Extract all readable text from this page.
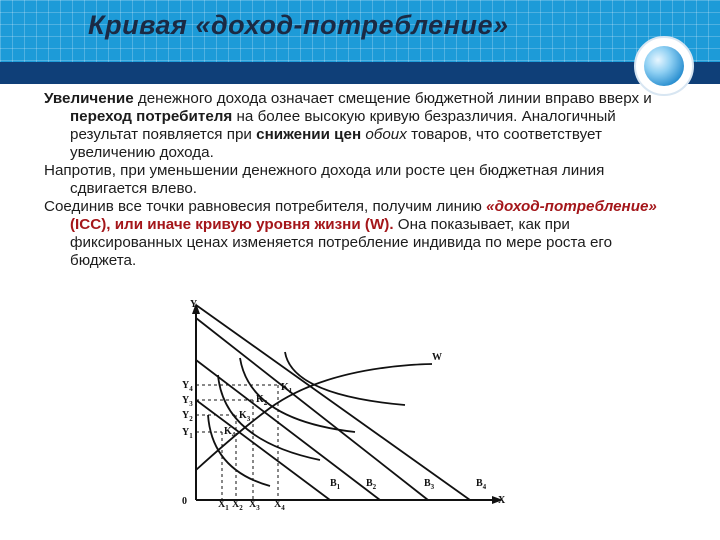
Кривая «доход-потребление»

Увеличение денежного дохода означает смещение бюджетной линии вправо вверх и переход потребителя на более высокую кривую безразличия. Аналогичный результат появляется при снижении цен обоих товаров, что соответствует увеличению дохода.

Напротив, при уменьшении денежного дохода или росте цен бюджетная линия сдвигается влево.

Соединив все точки равновесия потребителя, получим линию «доход-потребление» (ICC), или иначе кривую уровня жизни (W). Она показывает, как при фиксированных ценах изменяется потребление индивида по мере роста его бюджета.

Y
X
0
W
$Y_4$
$Y_3$
$Y_2$
$Y_1$
$X_1$ $X_2$ $X_3$ $X_4$
$K_1$
$K_2$
$K_3$
$K_4$
$B_1$	$B_2$	$B_3$	$B_4$
